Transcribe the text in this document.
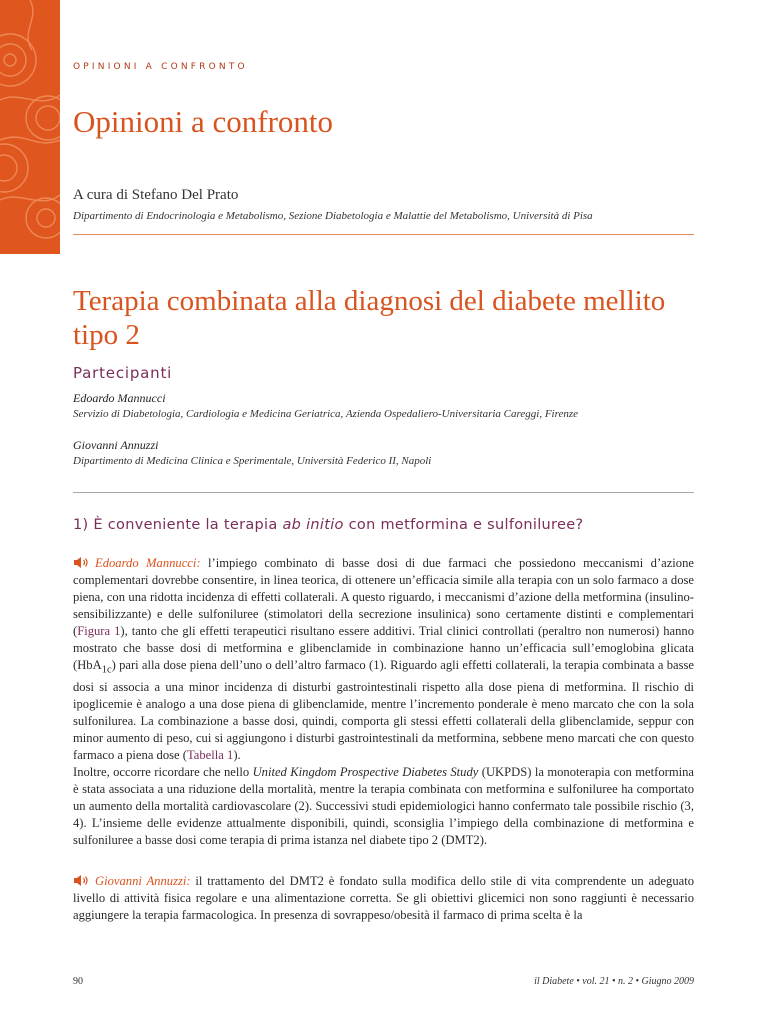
OPINIONI A CONFRONTO
Opinioni a confronto
A cura di Stefano Del Prato
Dipartimento di Endocrinologia e Metabolismo, Sezione Diabetologia e Malattie del Metabolismo, Università di Pisa
Terapia combinata alla diagnosi del diabete mellito tipo 2
Partecipanti
Edoardo Mannucci
Servizio di Diabetologia, Cardiologia e Medicina Geriatrica, Azienda Ospedaliero-Universitaria Careggi, Firenze
Giovanni Annuzzi
Dipartimento di Medicina Clinica e Sperimentale, Università Federico II, Napoli
1) È conveniente la terapia ab initio con metformina e sulfoniluree?

Edoardo Mannucci: l’impiego combinato di basse dosi di due farmaci che possiedono meccanismi d’azione complementari dovrebbe consentire, in linea teorica, di ottenere un’efficacia simile alla terapia con un solo farmaco a dose piena, con una ridotta incidenza di effetti collaterali. A questo riguardo, i meccanismi d’azione della metformina (insulino-sensibilizzante) e delle sulfoniluree (stimolatori della secrezione insulinica) sono certamente distinti e complementari (Figura 1), tanto che gli effetti terapeutici risultano essere additivi. Trial clinici controllati (peraltro non numerosi) hanno mostrato che basse dosi di metformina e glibenclamide in combinazione hanno un’efficacia sull’emoglobina glicata (HbA$_{1c}$) pari alla dose piena dell’uno o dell’altro farmaco (1). Riguardo agli effetti collaterali, la terapia combinata a basse dosi si associa a una minor incidenza di disturbi gastrointestinali rispetto alla dose piena di metformina. Il rischio di ipoglicemie è analogo a una dose piena di glibenclamide, mentre l’incremento ponderale è meno marcato che con la sola sulfonilurea. La combinazione a basse dosi, quindi, comporta gli stessi effetti collaterali della glibenclamide, seppur con minor aumento di peso, cui si aggiungono i disturbi gastrointestinali da metformina, sebbene meno marcati che con questo farmaco a piena dose (Tabella 1).

Inoltre, occorre ricordare che nello United Kingdom Prospective Diabetes Study (UKPDS) la monoterapia con metformina è stata associata a una riduzione della mortalità, mentre la terapia combinata con metformina e sulfoniluree ha comportato un aumento della mortalità cardiovascolare (2). Successivi studi epidemiologici hanno confermato tale possibile rischio (3, 4). L’insieme delle evidenze attualmente disponibili, quindi, sconsiglia l’impiego della combinazione di metformina e sulfoniluree a basse dosi come terapia di prima istanza nel diabete tipo 2 (DMT2).

Giovanni Annuzzi: il trattamento del DMT2 è fondato sulla modifica dello stile di vita comprendente un adeguato livello di attività fisica regolare e una alimentazione corretta. Se gli obiettivi glicemici non sono raggiunti è necessario aggiungere la terapia farmacologica. In presenza di sovrappeso/obesità il farmaco di prima scelta è la

90	il Diabete • vol. 21 • n. 2 • Giugno 2009
